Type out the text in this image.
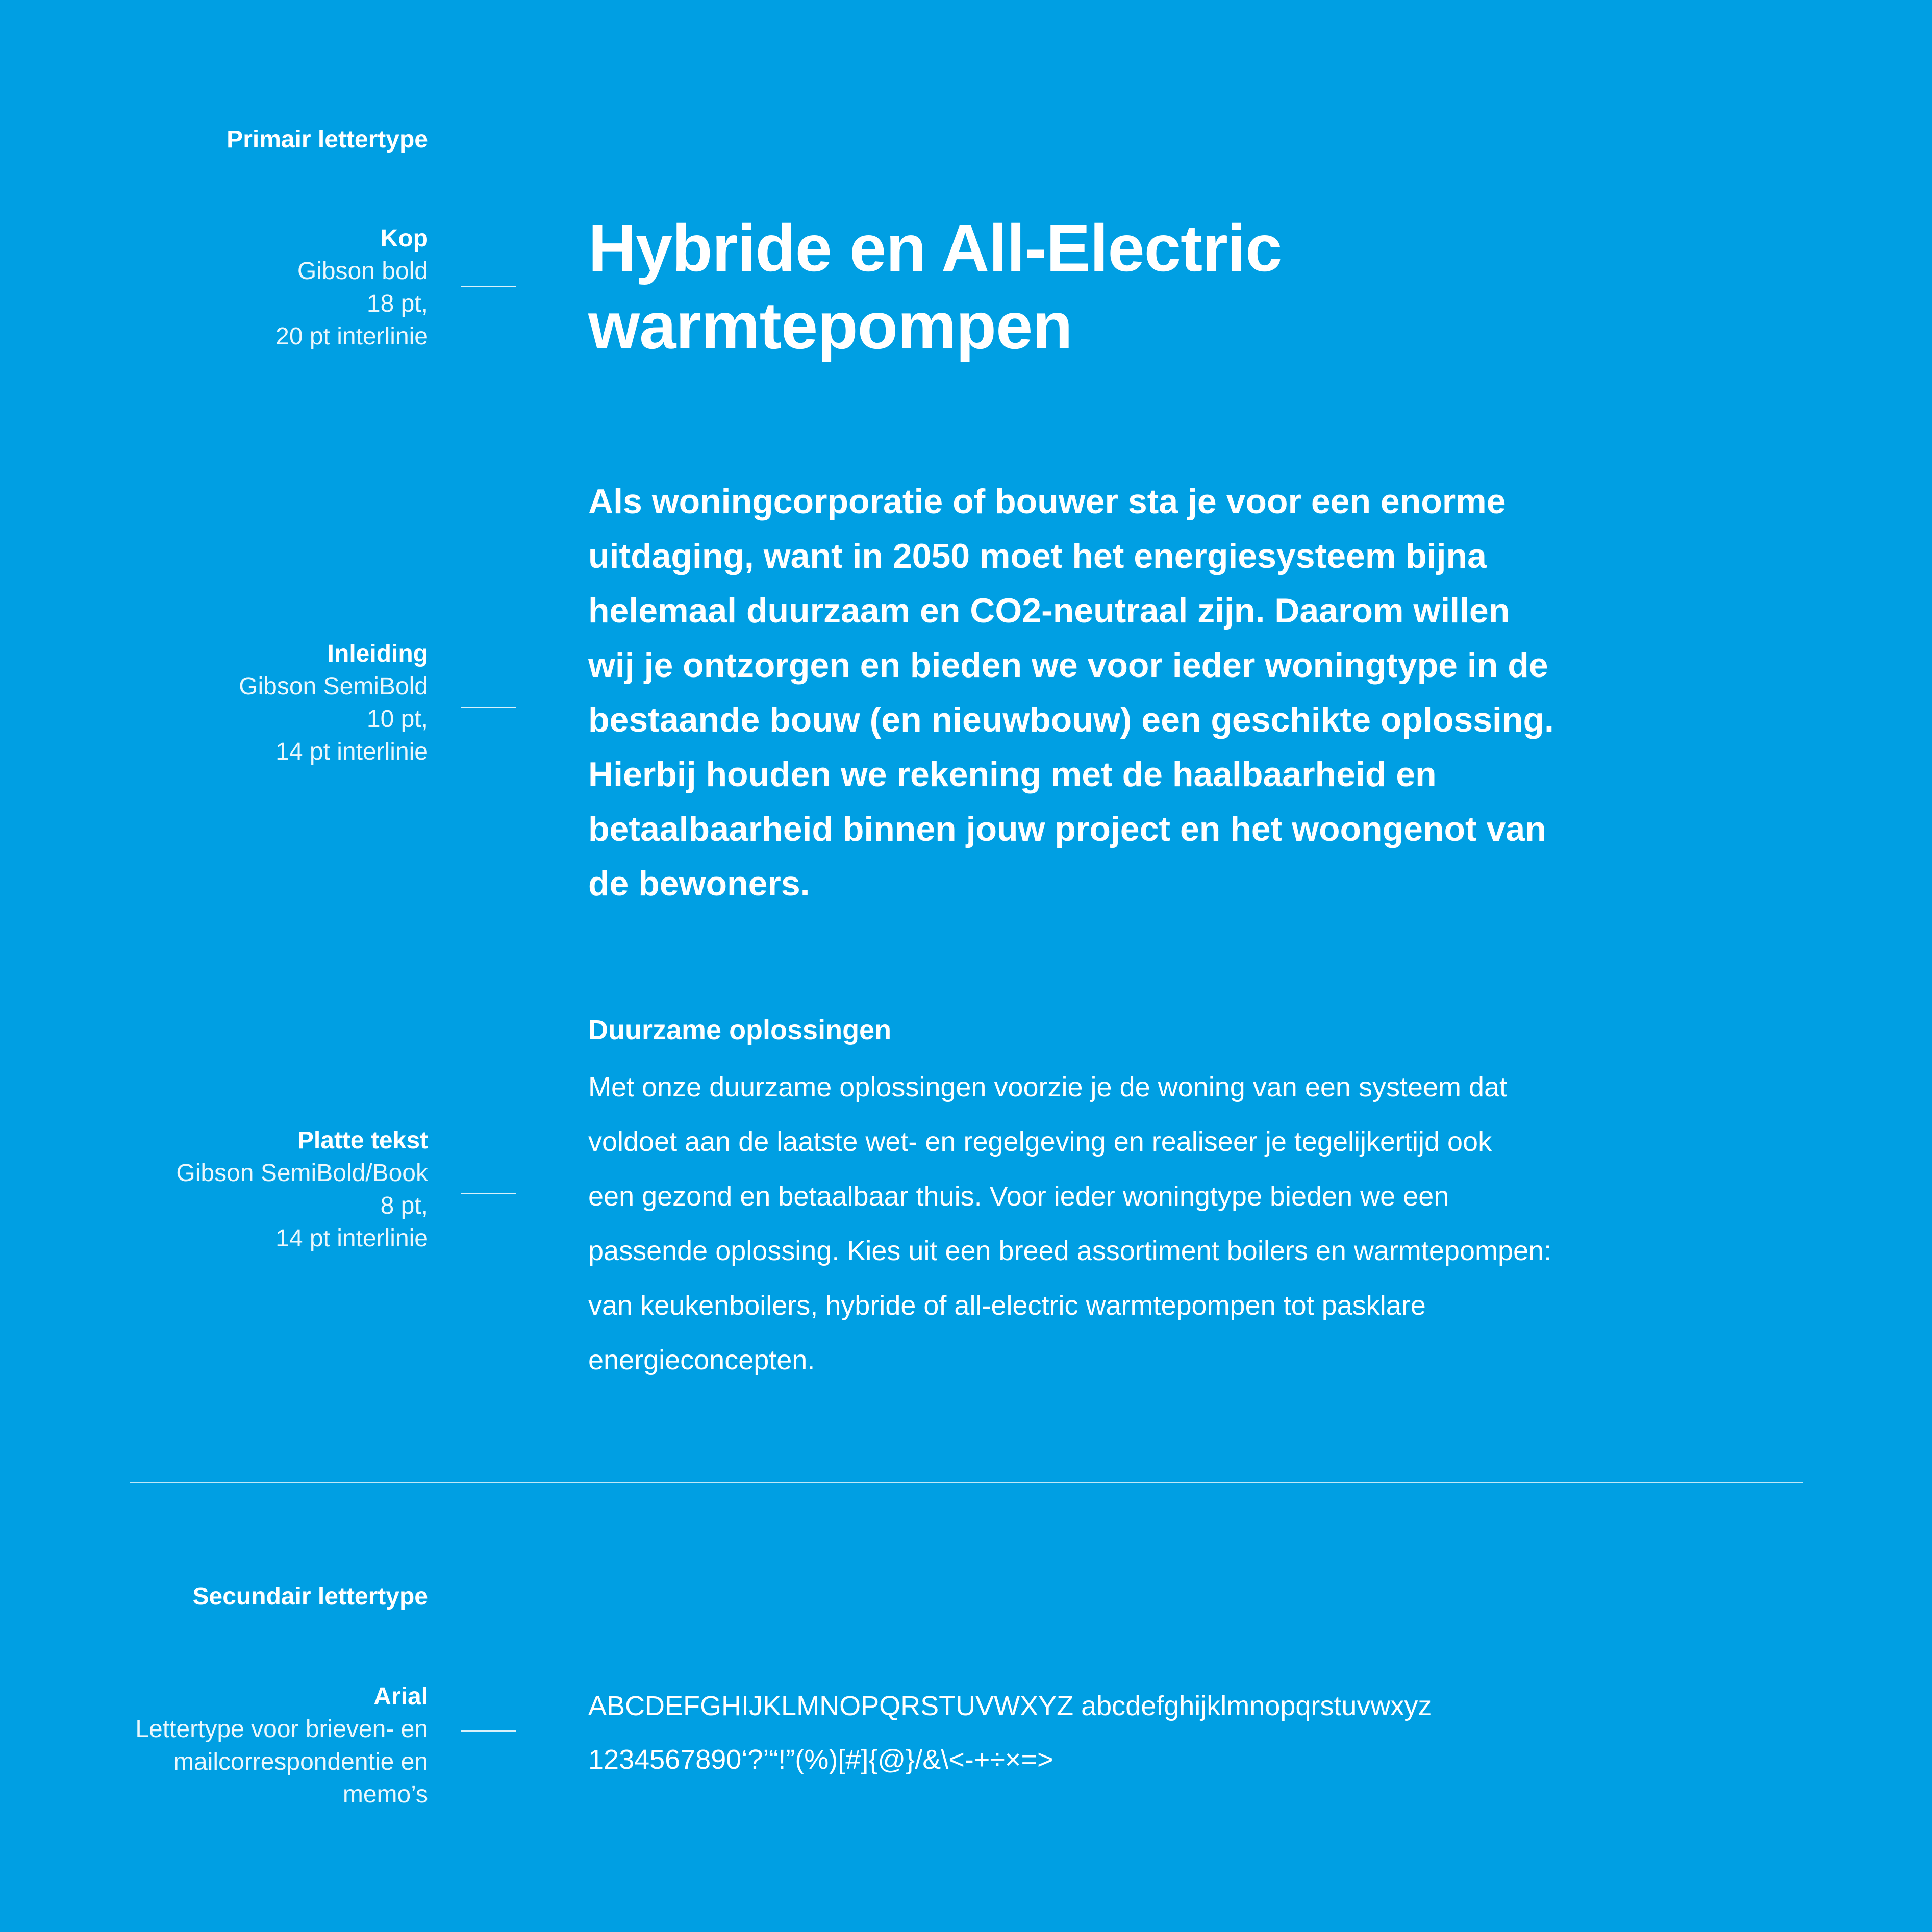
Primair lettertype
Kop
Gibson bold
18 pt,
20 pt interlinie
Hybride en All-Electric
warmtepompen
Inleiding
Gibson SemiBold
10 pt,
14 pt interlinie
Als woningcorporatie of bouwer sta je voor een enorme
uitdaging, want in 2050 moet het energiesysteem bijna
helemaal duurzaam en CO2-neutraal zijn. Daarom willen
wij je ontzorgen en bieden we voor ieder woningtype in de
bestaande bouw (en nieuwbouw) een geschikte oplossing.
Hierbij houden we rekening met de haalbaarheid en
betaalbaarheid binnen jouw project en het woongenot van
de bewoners.
Platte tekst
Gibson SemiBold/Book
8 pt,
14 pt interlinie
Duurzame oplossingen
Met onze duurzame oplossingen voorzie je de woning van een systeem dat
voldoet aan de laatste wet- en regelgeving en realiseer je tegelijkertijd ook
een gezond en betaalbaar thuis. Voor ieder woningtype bieden we een
passende oplossing. Kies uit een breed assortiment boilers en warmtepompen:
van keukenboilers, hybride of all-electric warmtepompen tot pasklare
energieconcepten.
Secundair lettertype
Arial
Lettertype voor brieven- en
mailcorrespondentie en
memo’s
ABCDEFGHIJKLMNOPQRSTUVWXYZ abcdefghijklmnopqrstuvwxyz
1234567890‘?’“!”(%)[#]{@}/&\<-+÷×=>
